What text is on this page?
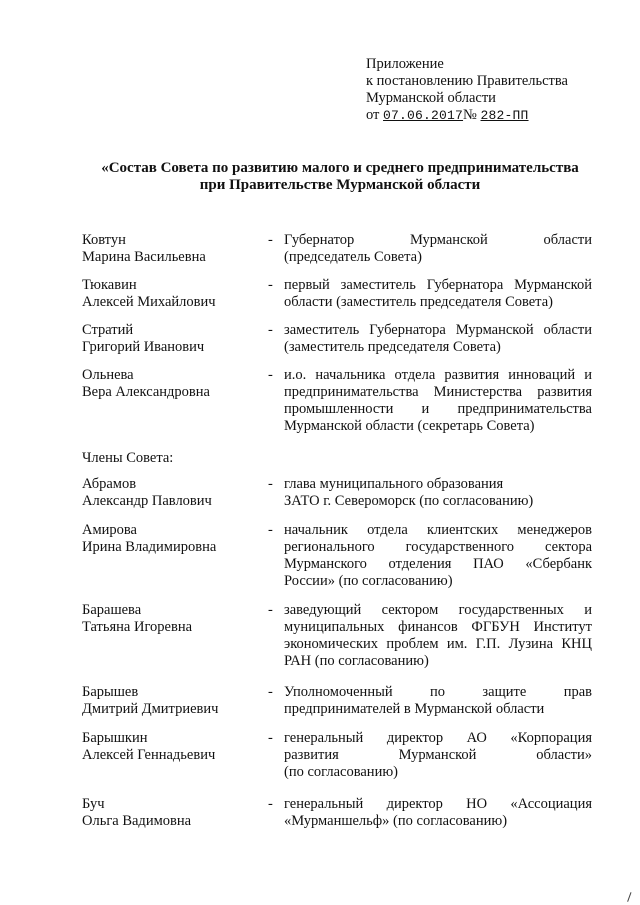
Приложение
к постановлению Правительства
Мурманской области
от 07.06.2017№ 282-ПП
«Состав Совета по развитию малого и среднего предпринимательства
при Правительстве Мурманской области
Ковтун
Марина Васильевна
- Губернатор Мурманской области
(председатель Совета)
Тюкавин
Алексей Михайлович
- первый заместитель Губернатора Мурманской
области (заместитель председателя Совета)
Стратий
Григорий Иванович
- заместитель Губернатора Мурманской области
(заместитель председателя Совета)
Ольнева
Вера Александровна
- и.о. начальника отдела развития инноваций и
предпринимательства Министерства развития
промышленности и предпринимательства
Мурманской области (секретарь Совета)
Члены Совета:
Абрамов
Александр Павлович
- глава муниципального образования
ЗАТО г. Североморск (по согласованию)
Амирова
Ирина Владимировна
- начальник отдела клиентских менеджеров
регионального государственного сектора
Мурманского отделения ПАО «Сбербанк
России» (по согласованию)
Барашева
Татьяна Игоревна
- заведующий сектором государственных и
муниципальных финансов ФГБУН Институт
экономических проблем им. Г.П. Лузина КНЦ
РАН (по согласованию)
Барышев
Дмитрий Дмитриевич
- Уполномоченный по защите прав
предпринимателей в Мурманской области
Барышкин
Алексей Геннадьевич
- генеральный директор АО «Корпорация
развития Мурманской области»
(по согласованию)
Буч
Ольга Вадимовна
- генеральный директор НО «Ассоциация
«Мурманшельф» (по согласованию)
